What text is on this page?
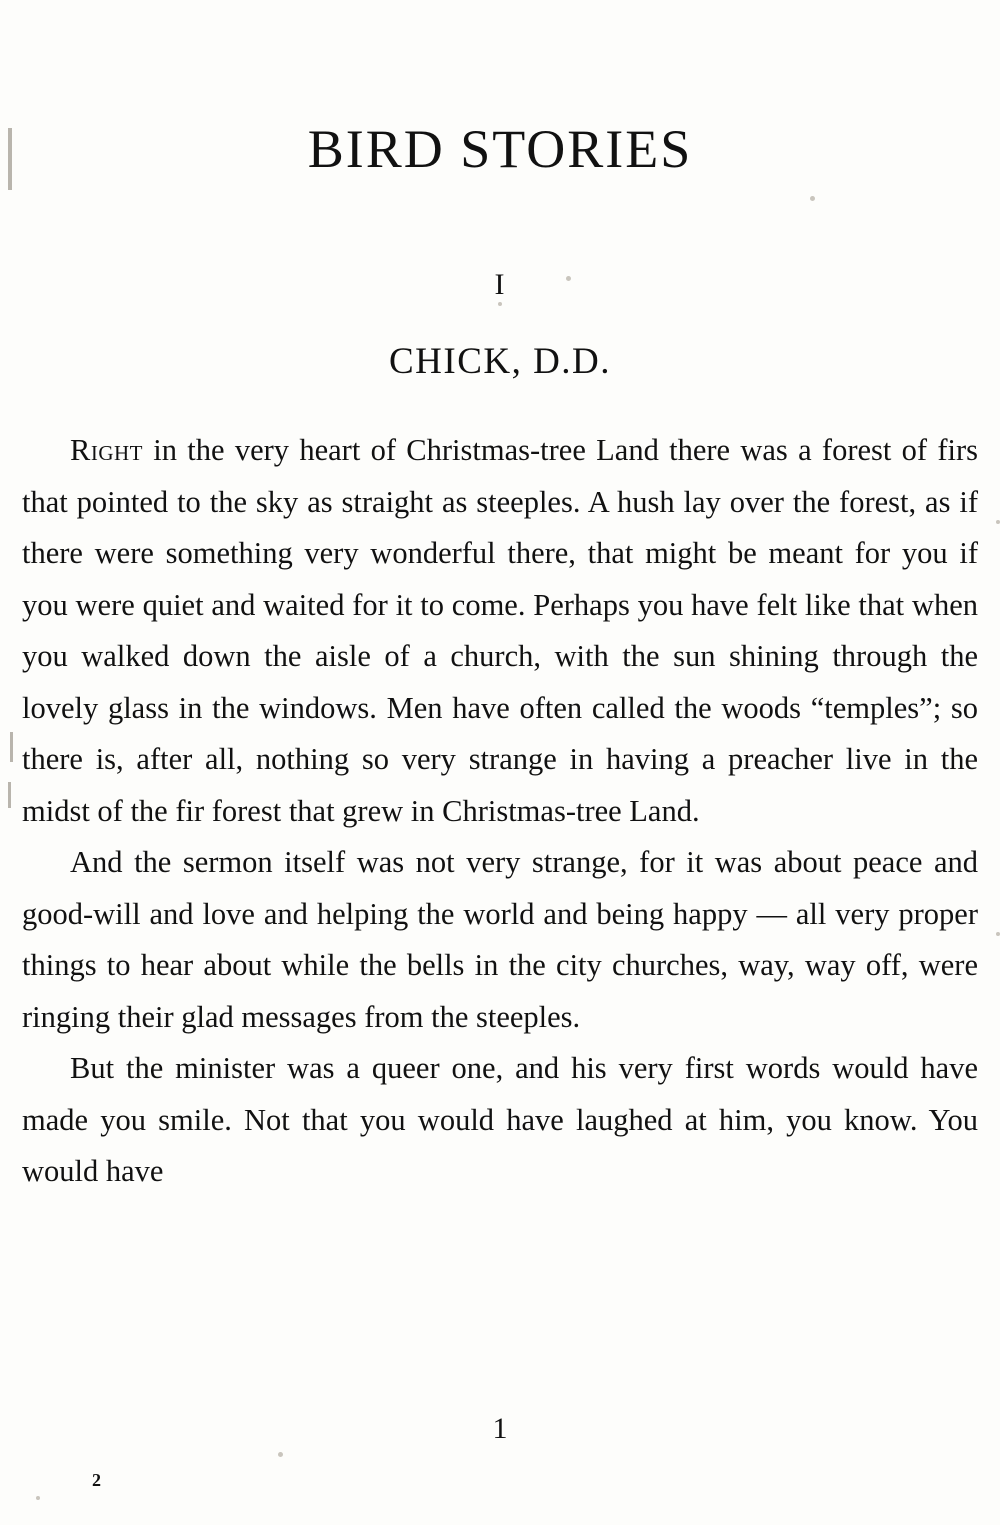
BIRD STORIES
I
CHICK, D.D.

Right in the very heart of Christmas-tree Land there was a forest of firs that pointed to the sky as straight as steeples. A hush lay over the forest, as if there were something very wonderful there, that might be meant for you if you were quiet and waited for it to come. Perhaps you have felt like that when you walked down the aisle of a church, with the sun shining through the lovely glass in the windows. Men have often called the woods “temples”; so there is, after all, nothing so very strange in having a preacher live in the midst of the fir forest that grew in Christmas-tree Land.

And the sermon itself was not very strange, for it was about peace and good-will and love and helping the world and being happy — all very proper things to hear about while the bells in the city churches, way, way off, were ringing their glad messages from the steeples.

But the minister was a queer one, and his very first words would have made you smile. Not that you would have laughed at him, you know. You would have

1
2
